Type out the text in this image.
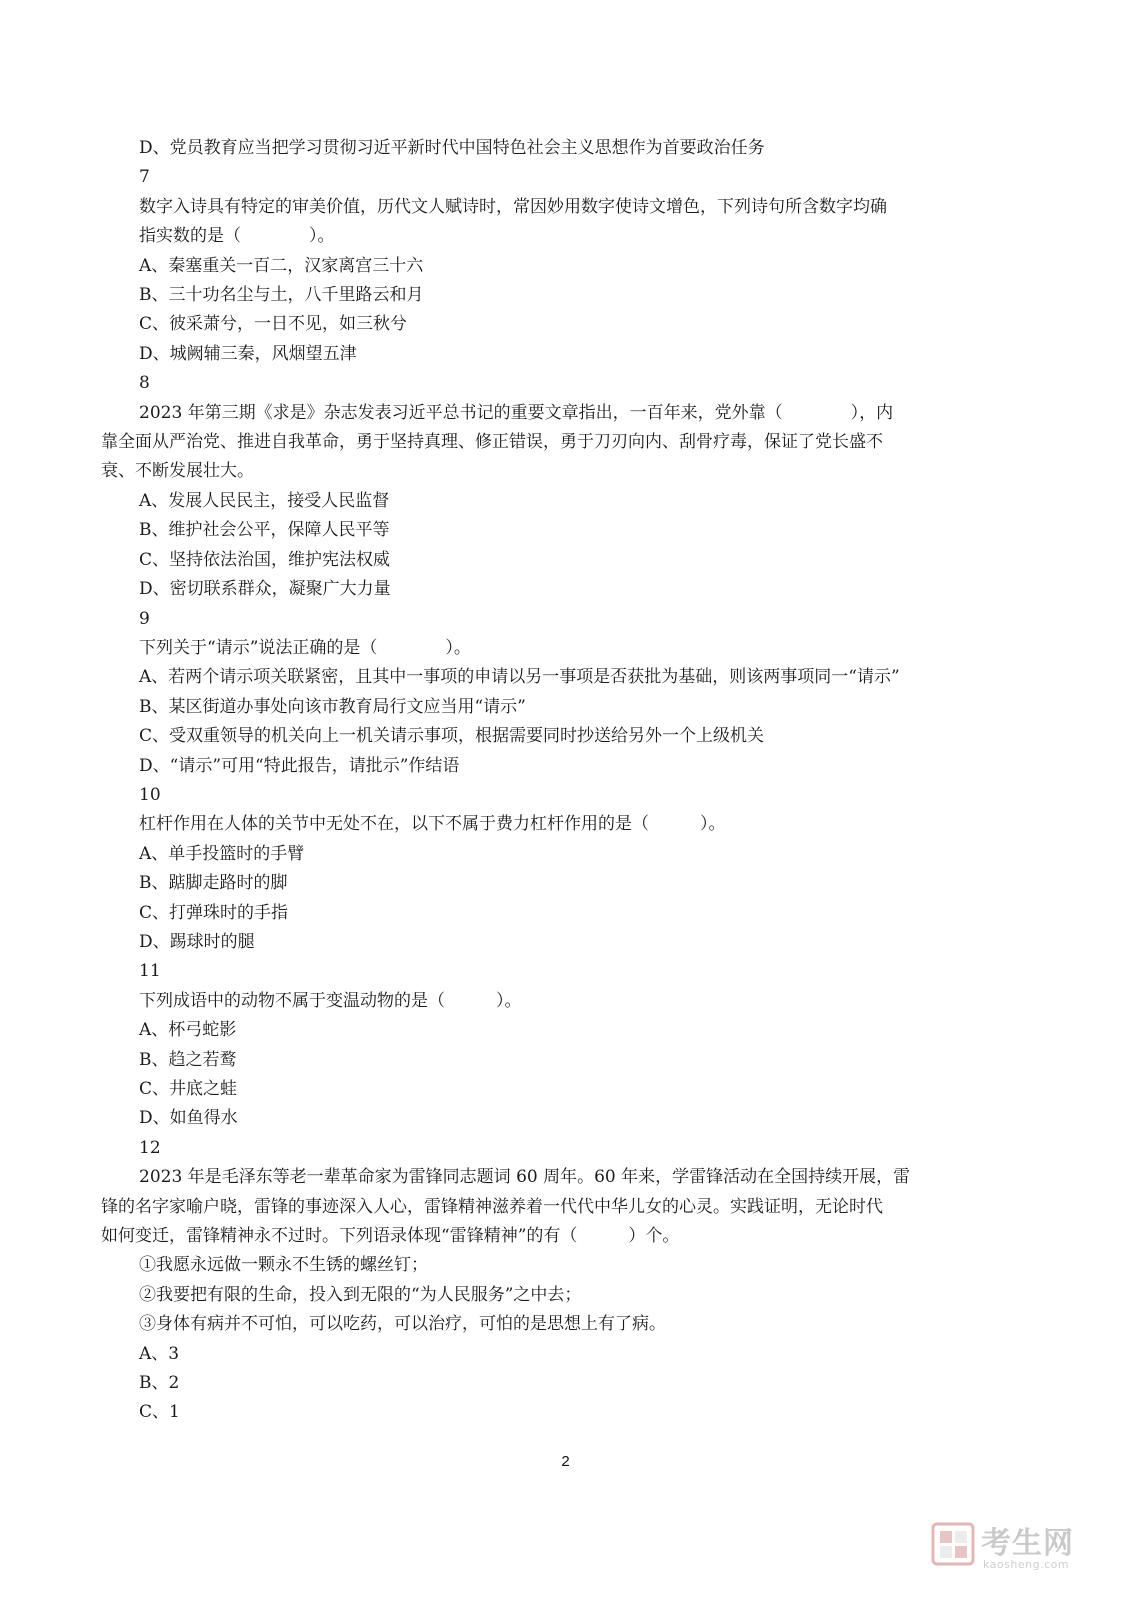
D、党员教育应当把学习贯彻习近平新时代中国特色社会主义思想作为首要政治任务
7
数字入诗具有特定的审美价值，历代文人赋诗时，常因妙用数字使诗文增色，下列诗句所含数字均确
指实数的是（　　　　）。
A、秦塞重关一百二，汉家离宫三十六
B、三十功名尘与土，八千里路云和月
C、彼采萧兮，一日不见，如三秋兮
D、城阙辅三秦，风烟望五津
8
2023 年第三期《求是》杂志发表习近平总书记的重要文章指出，一百年来，党外靠（　　　　），内
靠全面从严治党、推进自我革命，勇于坚持真理、修正错误，勇于刀刃向内、刮骨疗毒，保证了党长盛不
衰、不断发展壮大。
A、发展人民民主，接受人民监督
B、维护社会公平，保障人民平等
C、坚持依法治国，维护宪法权威
D、密切联系群众，凝聚广大力量
9
下列关于“请示”说法正确的是（　　　　）。
A、若两个请示项关联紧密，且其中一事项的申请以另一事项是否获批为基础，则该两事项同一“请示”
B、某区街道办事处向该市教育局行文应当用“请示”
C、受双重领导的机关向上一机关请示事项，根据需要同时抄送给另外一个上级机关
D、“请示”可用“特此报告，请批示”作结语
10
杠杆作用在人体的关节中无处不在，以下不属于费力杠杆作用的是（　　　）。
A、单手投篮时的手臂
B、踮脚走路时的脚
C、打弹珠时的手指
D、踢球时的腿
11
下列成语中的动物不属于变温动物的是（　　　）。
A、杯弓蛇影
B、趋之若鹜
C、井底之蛙
D、如鱼得水
12
2023 年是毛泽东等老一辈革命家为雷锋同志题词 60 周年。60 年来，学雷锋活动在全国持续开展，雷
锋的名字家喻户晓，雷锋的事迹深入人心，雷锋精神滋养着一代代中华儿女的心灵。实践证明，无论时代
如何变迁，雷锋精神永不过时。下列语录体现“雷锋精神”的有（　　　）个。
①我愿永远做一颗永不生锈的螺丝钉；
②我要把有限的生命，投入到无限的“为人民服务”之中去；
③身体有病并不可怕，可以吃药，可以治疗，可怕的是思想上有了病。
A、3
B、2
C、1
2
考生网
kaosheng.com
